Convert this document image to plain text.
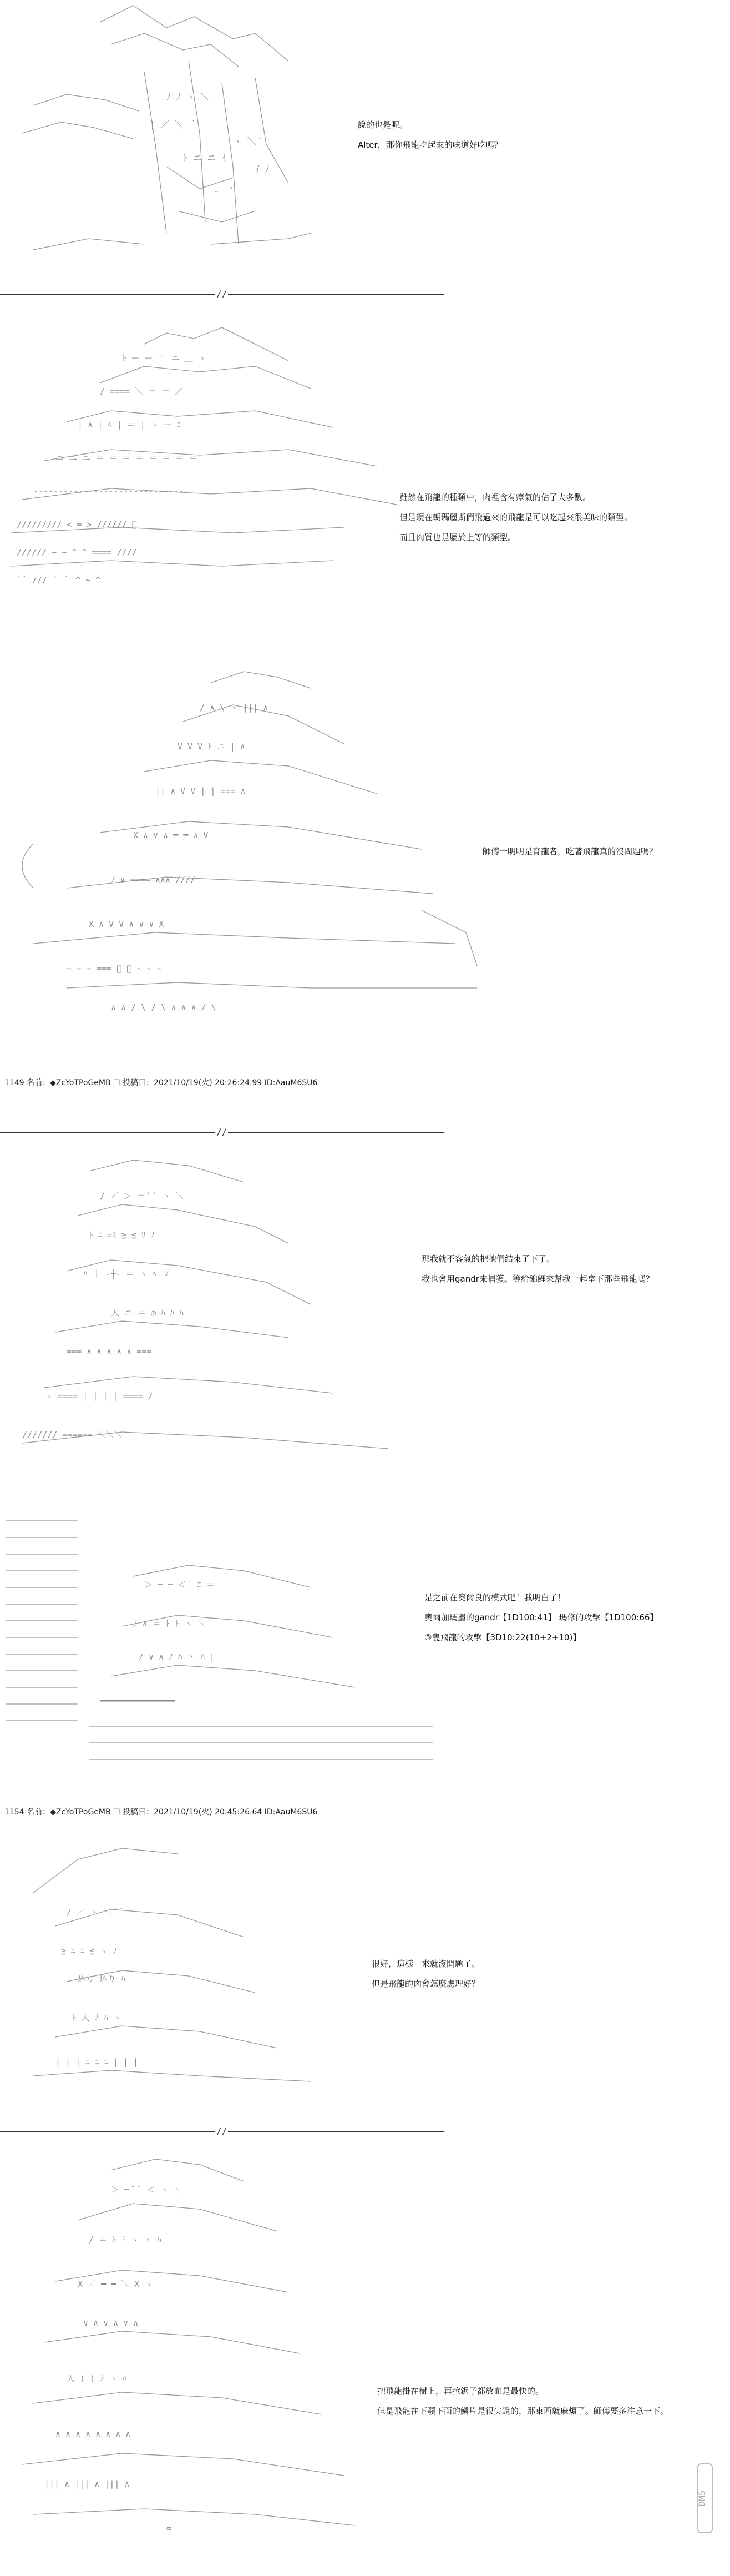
ﾉ ﾉ ヽ ＼
| ／ ＼ ｀
ﾄ ニ ニ ｲ
｀ ー ´
ヽ ＼ ﾞ
ｲ ﾉ
說的也是呢。
Alter，那你飛龍吃起來的味道好吃嗎？
//
ﾄ ー ー ＝ ニ ＿ ヽ
/ ==== ＼ ＝ ＝ ／
| ∧ | ﾍ | ＝ | ゝ ー ﾆ
ニ ニ ニ ＝ ＝ ＝ ＝ ＝ ＝ ＝ ＝
------------------------------
///////// < = > ////// ﾞ
////// ~ ~ ^ ^ ==== ////
ﾞ ﾞ /// ´ ｀ ^ ~ ^
雖然在飛龍的種類中，肉裡含有瘴氣的佔了大多數。
但是現在朝瑪麗斯們飛過來的飛龍是可以吃起來很美味的類型。
而且肉質也是屬於上等的類型。
/ ∧ \ ヽ ||| ∧
V V V ﾄ ニ | ∧
|| ∧ V V | | === ∧
X ∧ ∨ ∧ ═ ═ ∧ V
ﾉ ∨ ==== ∧∧∧ ////
X ∧ V V ∧ ∨ ∨ X
~ ~ ~ === ﾞ ﾞ ~ ~ ~
∧ ∧ / \ / \ ∧ ∧ ∧ / \
師傅一明明是育龍者，吃著飛龍真的沒問題嗎？
1149 名前：◆ZcYoTPoGeMB ☐ 投稿日：2021/10/19(火) 20:26:24.99 ID:AauM6SU6
//
/ ／ ＞ ＝ ﾞ ﾞ ヽ ＼
ﾄ ﾆ =ﾐ ≧ ≦ ﾘ ﾉ
ﾊ ｜ -┼- ＝ ヽ ﾍ ゞ
人 ニ ＝ ◎ ﾊ ﾊ ﾊ
=== ∧ ∧ ∧ ∧ ∧ ===
ヽ ==== | | | | ==== /
/////// ====== ＼＼＼
那我就不客氣的把牠們結束了下了。
我也會用gandr來捕獲。等給錦鯉來幫我一起拿下那些飛龍嗎？
＞ ─ ─ ＜ ﾞ ﾆ ＝
ﾉ ∧ ＝ ﾄ ﾄ ヽ ＼
/ ∨ ∧ ﾉ ﾊ ヽ ﾊ |
═══════════════
是之前在奧爾良的模式吧！我明白了！
奧爾加瑪麗的gandr【1D100:41】 瑪修的攻擊【1D100:66】
③隻飛龍的攻擊【3D10:22(10+2+10)】
1154 名前：◆ZcYoTPoGeMB ☐ 投稿日：2021/10/19(火) 20:45:26.64 ID:AauM6SU6
/ ／ ヽ ＼ ﾞ ﾞ
≧ ﾆ ﾆ ≦ ヽ ﾉ
込り 込り ﾊ
ﾄ 人 ﾉ ﾊ ヽ
| | | ﾆ ﾆ ﾆ | | |
很好，這樣一來就沒問題了。
但是飛龍的肉會怎麼處理好？
//
＞ ─ ﾞ ﾞ ＜ ヽ ＼
/ ＝ ﾄ ﾄ ヽ ヽ ﾊ
X ／ ━ ━ ＼ X ヽ
∨ ∧ ∨ ∧ ∨ ∧
人 ( ) ﾉ ヽ ﾊ
∧ ∧ ∧ ∧ ∧ ∧ ∧ ∧
||| ∧ ||| ∧ ||| ∧
∞
把飛龍掛在樹上，再拉鋸子都放血是最快的。
但是飛龍在下顎下面的鱗片是很尖銳的，那東西就麻煩了。師傅要多注意一下。
DM5
